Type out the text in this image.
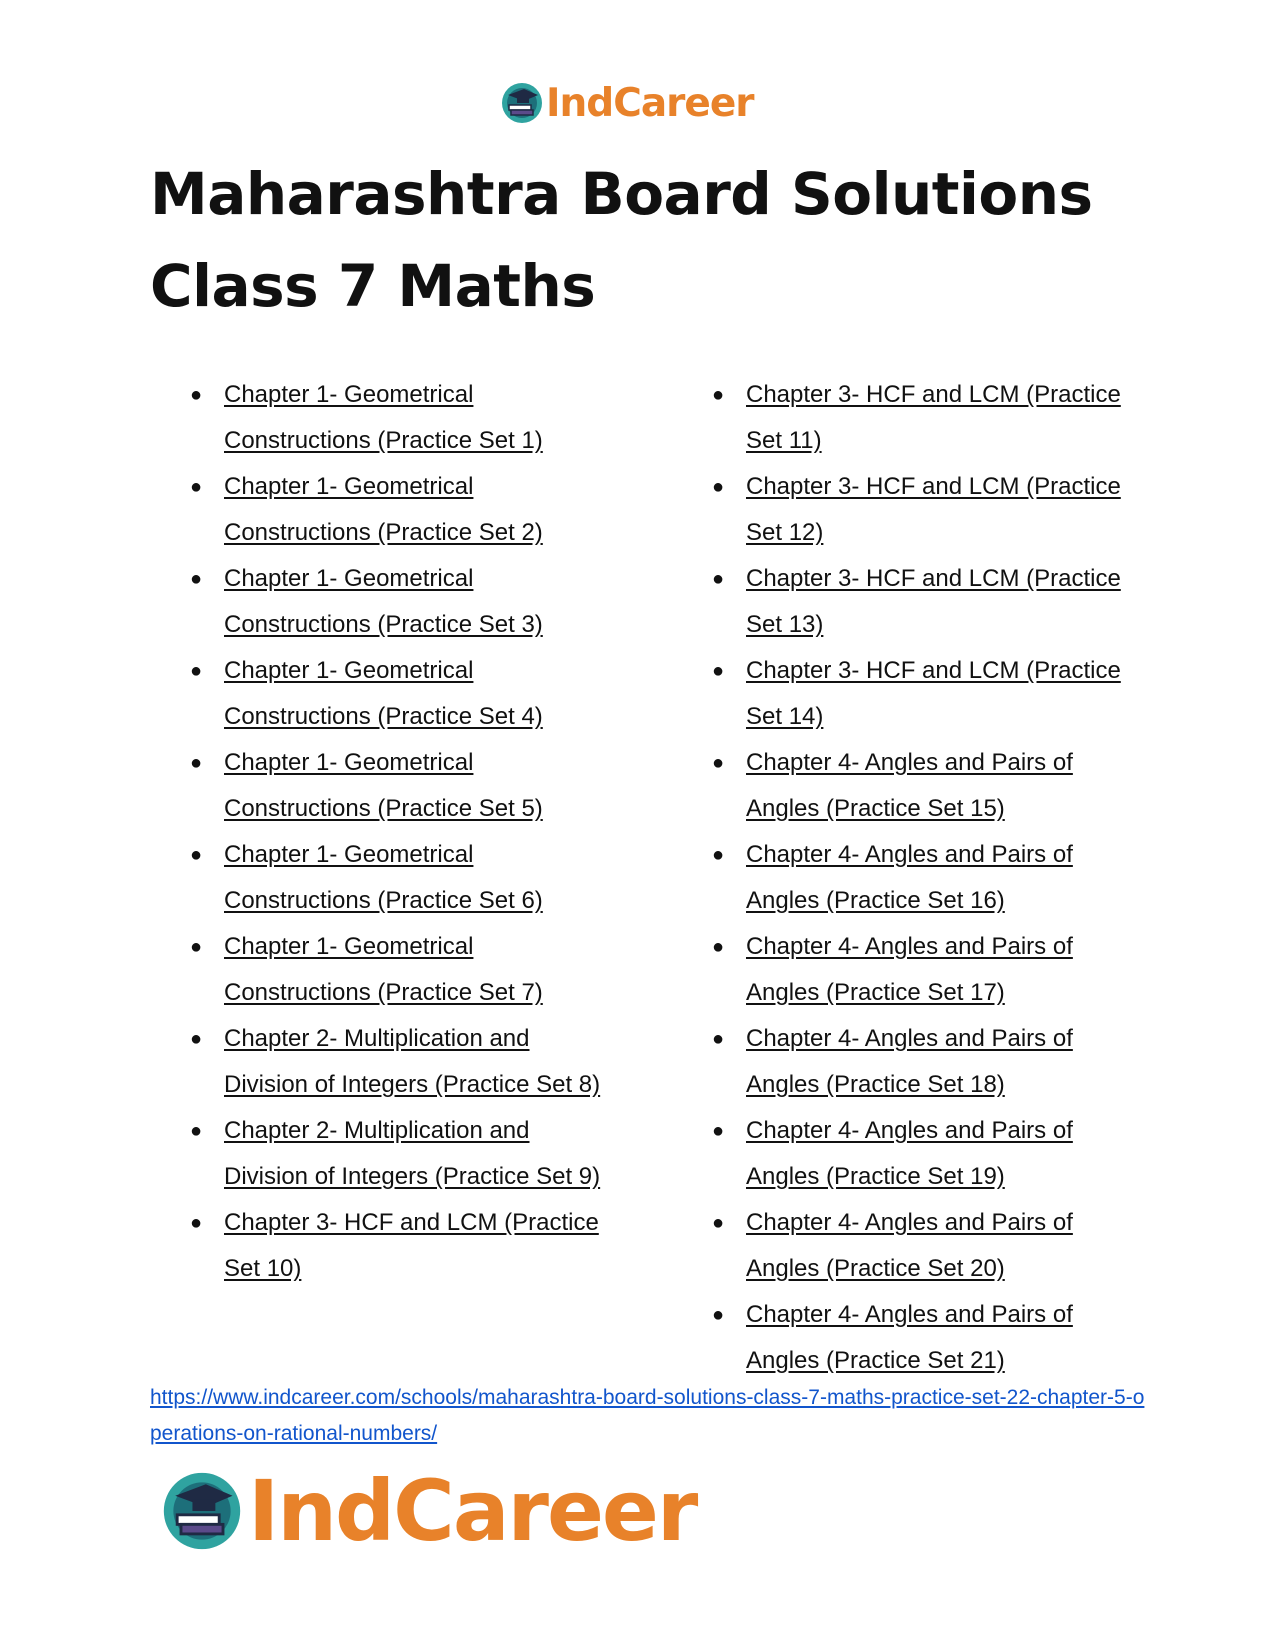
IndCareer
Maharashtra Board Solutions Class 7 Maths
● Chapter 1- Geometrical Constructions (Practice Set 1)
● Chapter 1- Geometrical Constructions (Practice Set 2)
● Chapter 1- Geometrical Constructions (Practice Set 3)
● Chapter 1- Geometrical Constructions (Practice Set 4)
● Chapter 1- Geometrical Constructions (Practice Set 5)
● Chapter 1- Geometrical Constructions (Practice Set 6)
● Chapter 1- Geometrical Constructions (Practice Set 7)
● Chapter 2- Multiplication and Division of Integers (Practice Set 8)
● Chapter 2- Multiplication and Division of Integers (Practice Set 9)
● Chapter 3- HCF and LCM (Practice Set 10)
● Chapter 3- HCF and LCM (Practice Set 11)
● Chapter 3- HCF and LCM (Practice Set 12)
● Chapter 3- HCF and LCM (Practice Set 13)
● Chapter 3- HCF and LCM (Practice Set 14)
● Chapter 4- Angles and Pairs of Angles (Practice Set 15)
● Chapter 4- Angles and Pairs of Angles (Practice Set 16)
● Chapter 4- Angles and Pairs of Angles (Practice Set 17)
● Chapter 4- Angles and Pairs of Angles (Practice Set 18)
● Chapter 4- Angles and Pairs of Angles (Practice Set 19)
● Chapter 4- Angles and Pairs of Angles (Practice Set 20)
● Chapter 4- Angles and Pairs of Angles (Practice Set 21)
https://www.indcareer.com/schools/maharashtra-board-solutions-class-7-maths-practice-set-22-chapter-5-operations-on-rational-numbers/
IndCareer
